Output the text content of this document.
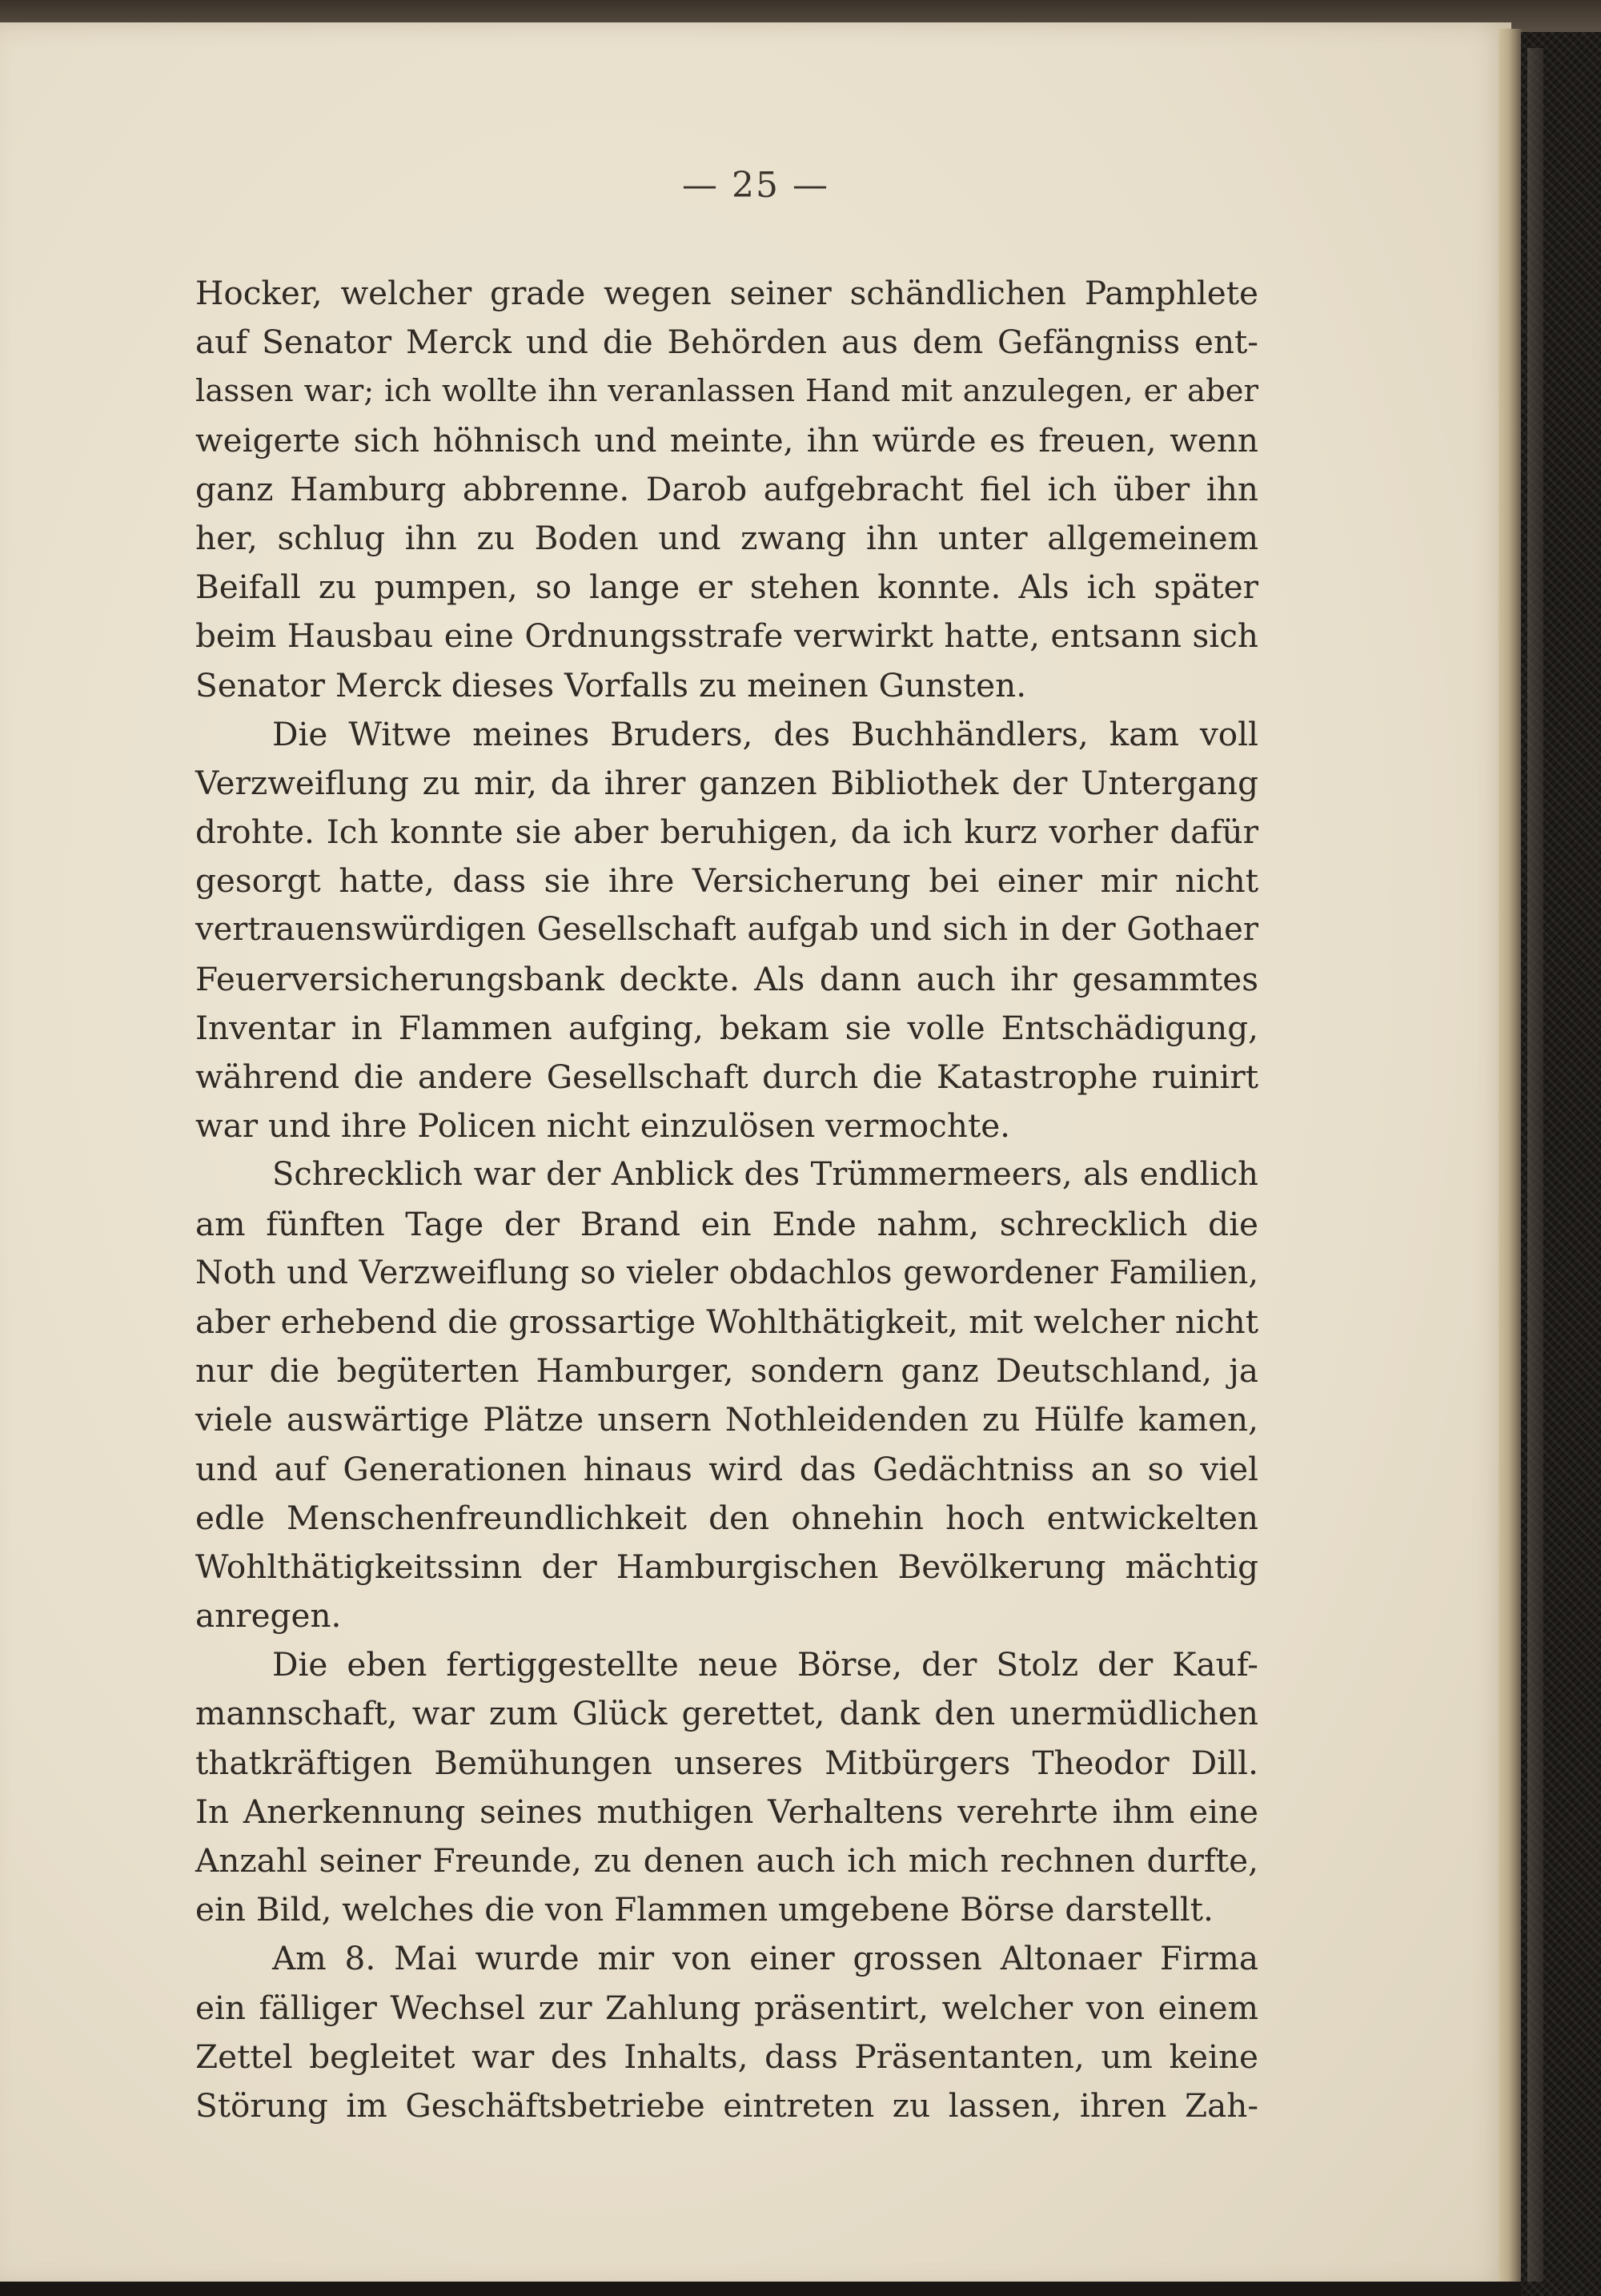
— 25 —
Hocker, welcher grade wegen seiner schändlichen Pamphlete
auf Senator Merck und die Behörden aus dem Gefängniss ent-
lassen war; ich wollte ihn veranlassen Hand mit anzulegen, er aber
weigerte sich höhnisch und meinte, ihn würde es freuen, wenn
ganz Hamburg abbrenne. Darob aufgebracht fiel ich über ihn
her, schlug ihn zu Boden und zwang ihn unter allgemeinem
Beifall zu pumpen, so lange er stehen konnte. Als ich später
beim Hausbau eine Ordnungsstrafe verwirkt hatte, entsann sich
Senator Merck dieses Vorfalls zu meinen Gunsten.
Die Witwe meines Bruders, des Buchhändlers, kam voll
Verzweiflung zu mir, da ihrer ganzen Bibliothek der Untergang
drohte. Ich konnte sie aber beruhigen, da ich kurz vorher dafür
gesorgt hatte, dass sie ihre Versicherung bei einer mir nicht
vertrauenswürdigen Gesellschaft aufgab und sich in der Gothaer
Feuerversicherungsbank deckte. Als dann auch ihr gesammtes
Inventar in Flammen aufging, bekam sie volle Entschädigung,
während die andere Gesellschaft durch die Katastrophe ruinirt
war und ihre Policen nicht einzulösen vermochte.
Schrecklich war der Anblick des Trümmermeers, als endlich
am fünften Tage der Brand ein Ende nahm, schrecklich die
Noth und Verzweiflung so vieler obdachlos gewordener Familien,
aber erhebend die grossartige Wohlthätigkeit, mit welcher nicht
nur die begüterten Hamburger, sondern ganz Deutschland, ja
viele auswärtige Plätze unsern Nothleidenden zu Hülfe kamen,
und auf Generationen hinaus wird das Gedächtniss an so viel
edle Menschenfreundlichkeit den ohnehin hoch entwickelten
Wohlthätigkeitssinn der Hamburgischen Bevölkerung mächtig
anregen.
Die eben fertiggestellte neue Börse, der Stolz der Kauf-
mannschaft, war zum Glück gerettet, dank den unermüdlichen
thatkräftigen Bemühungen unseres Mitbürgers Theodor Dill.
In Anerkennung seines muthigen Verhaltens verehrte ihm eine
Anzahl seiner Freunde, zu denen auch ich mich rechnen durfte,
ein Bild, welches die von Flammen umgebene Börse darstellt.
Am 8. Mai wurde mir von einer grossen Altonaer Firma
ein fälliger Wechsel zur Zahlung präsentirt, welcher von einem
Zettel begleitet war des Inhalts, dass Präsentanten, um keine
Störung im Geschäftsbetriebe eintreten zu lassen, ihren Zah-
